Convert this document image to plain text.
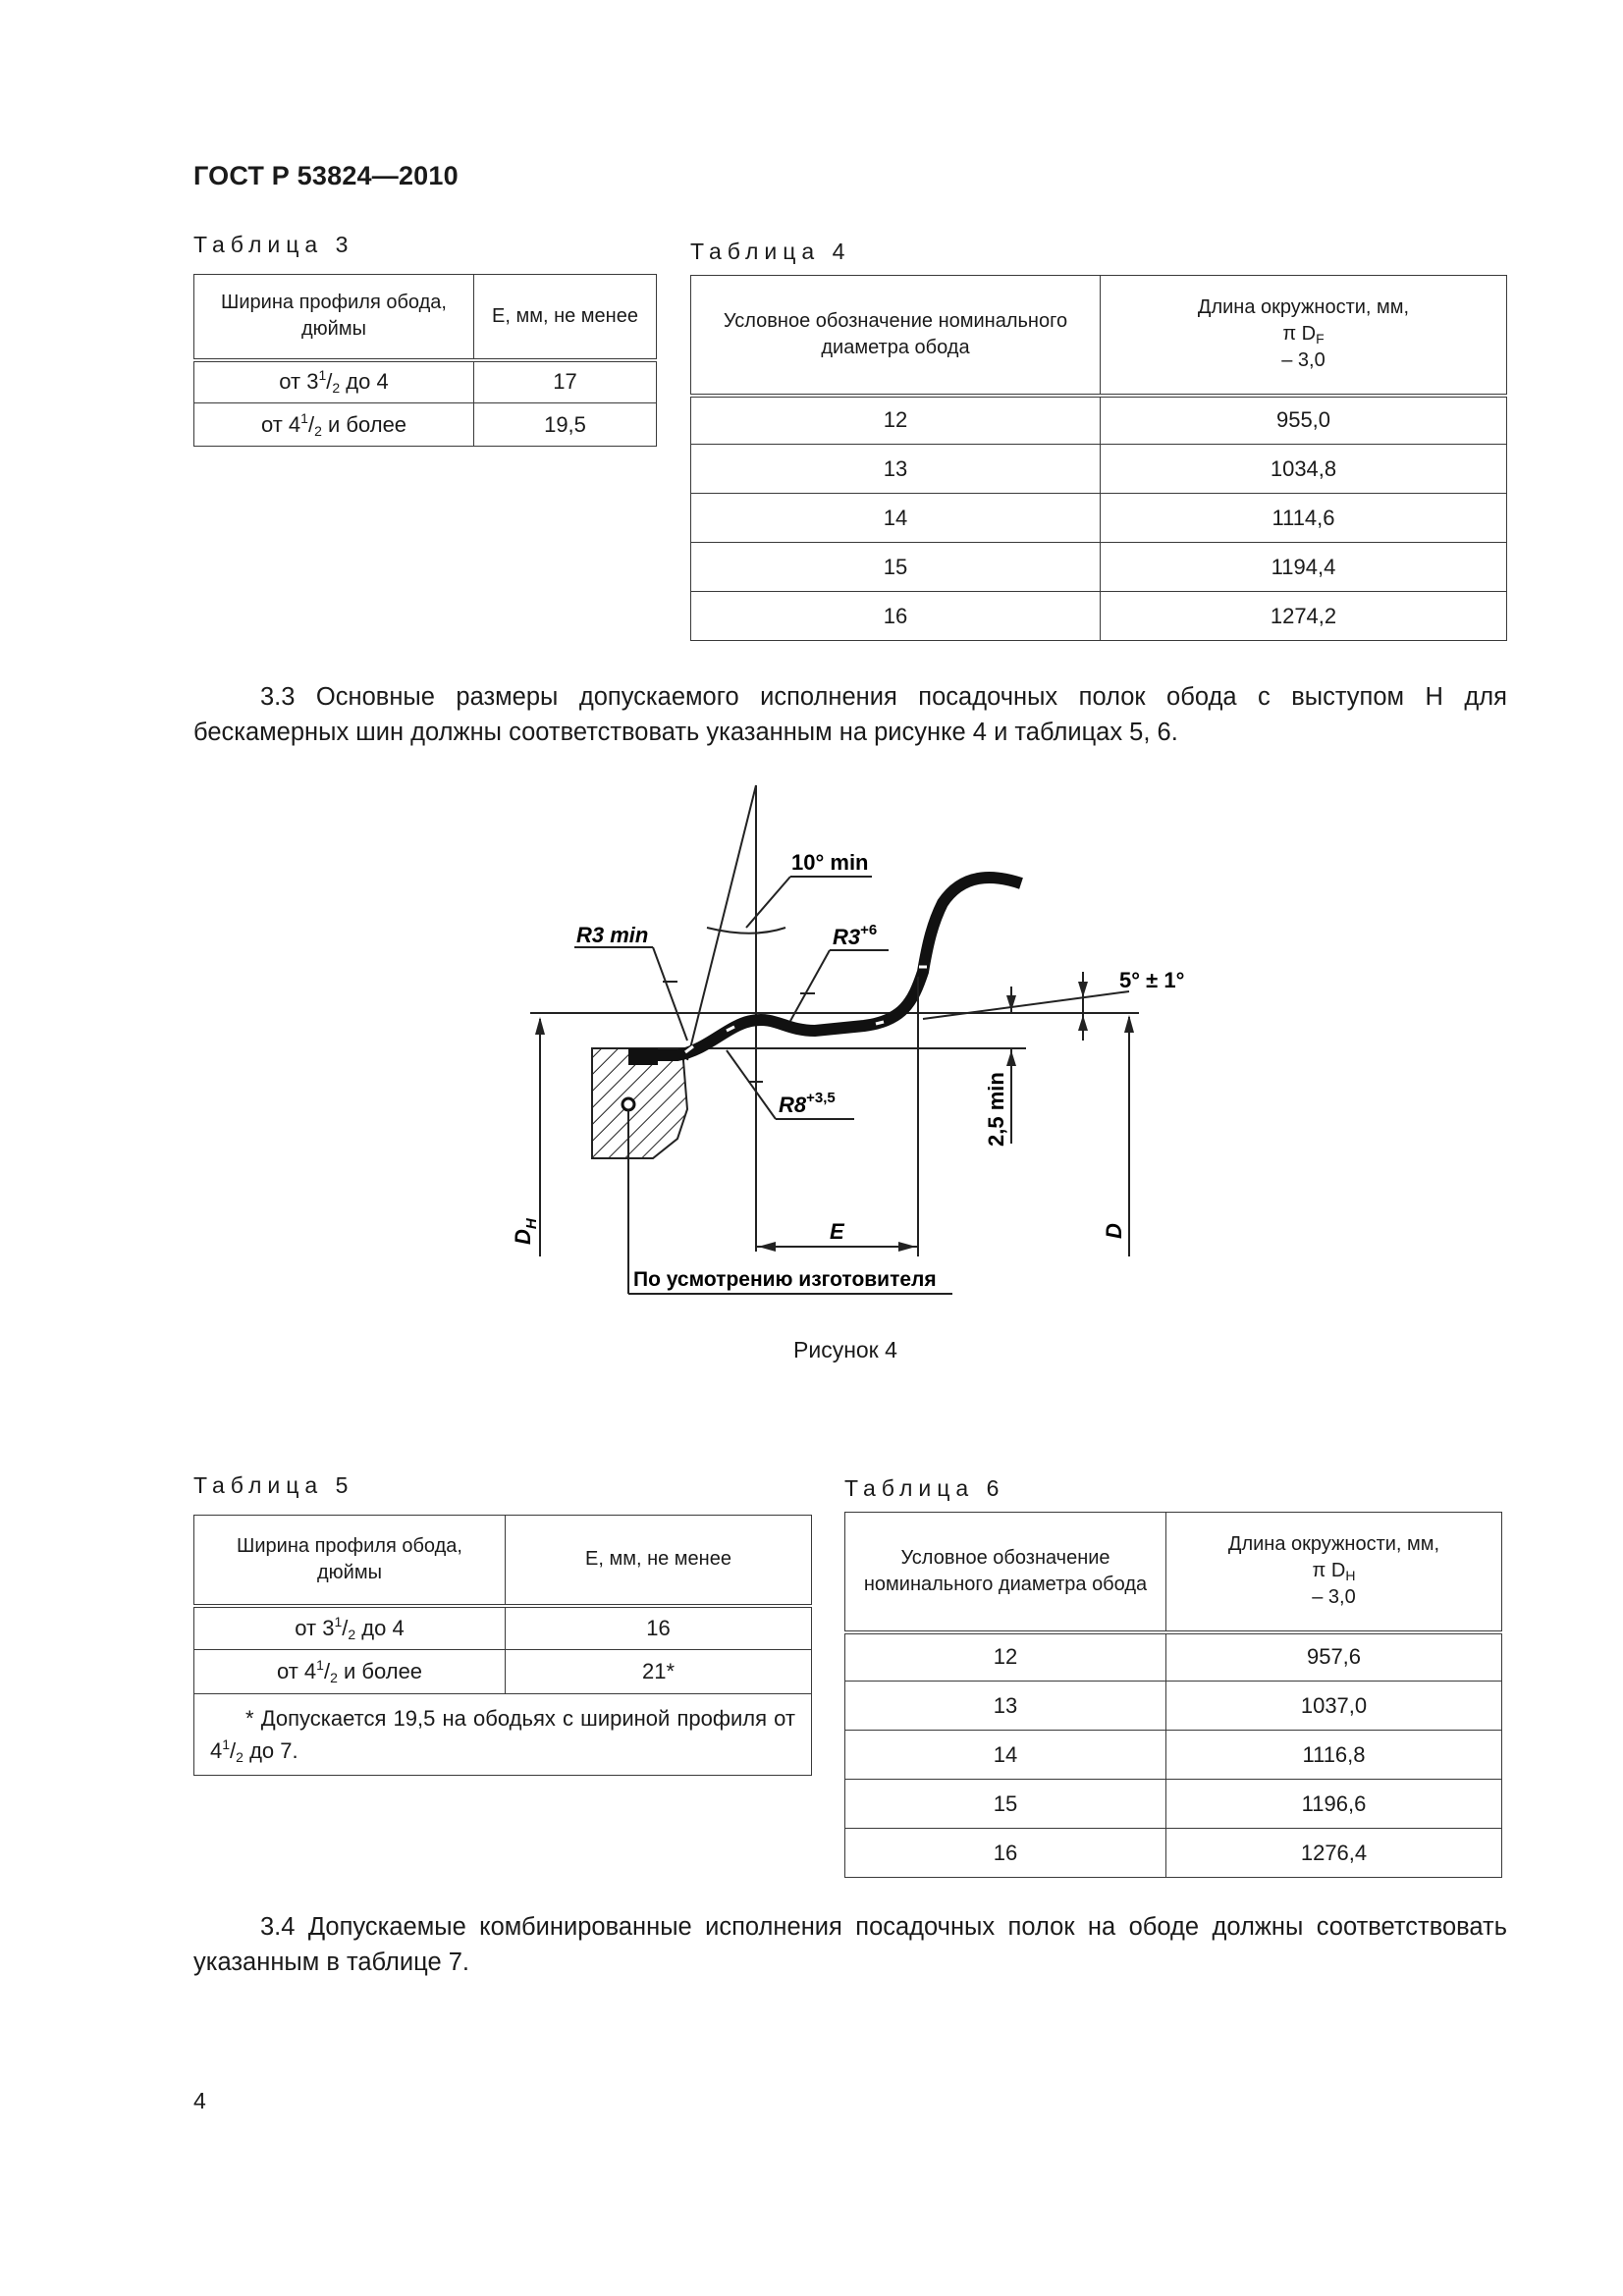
ГОСТ Р 53824—2010
Таблица 3
Ширина профиля обода, дюймы	E, мм, не менее
от $3^1/_2$ до 4	17
от $4^1/_2$ и более	19,5
Таблица 4
Условное обозначение номинального диаметра обода	Длина окружности, мм,
π $D_F$
– 3,0
12	955,0
13	1034,8
14	1114,6
15	1194,4
16	1274,2
3.3 Основные размеры допускаемого исполнения посадочных полок обода с выступом H для бескамерных шин должны соответствовать указанным на рисунке 4 и таблицах 5, 6.
10° min
R3 min	$R3^{+6}$
5° ± 1°
$R8^{+3,5}$	2,5 min
$D_H$	D
E
По усмотрению изготовителя
Рисунок 4
Таблица 5
Ширина профиля обода, дюймы	E, мм, не менее
от $3^1/_2$ до 4	16
от $4^1/_2$ и более	21*
* Допускается 19,5 на ободьях с шириной профиля от $4^1/_2$ до 7.	
Таблица 6
Условное обозначение номинального диаметра обода	Длина окружности, мм,
π $D_H$
– 3,0
12	957,6
13	1037,0
14	1116,8
15	1196,6
16	1276,4
3.4 Допускаемые комбинированные исполнения посадочных полок на ободе должны соответствовать указанным в таблице 7.
4
